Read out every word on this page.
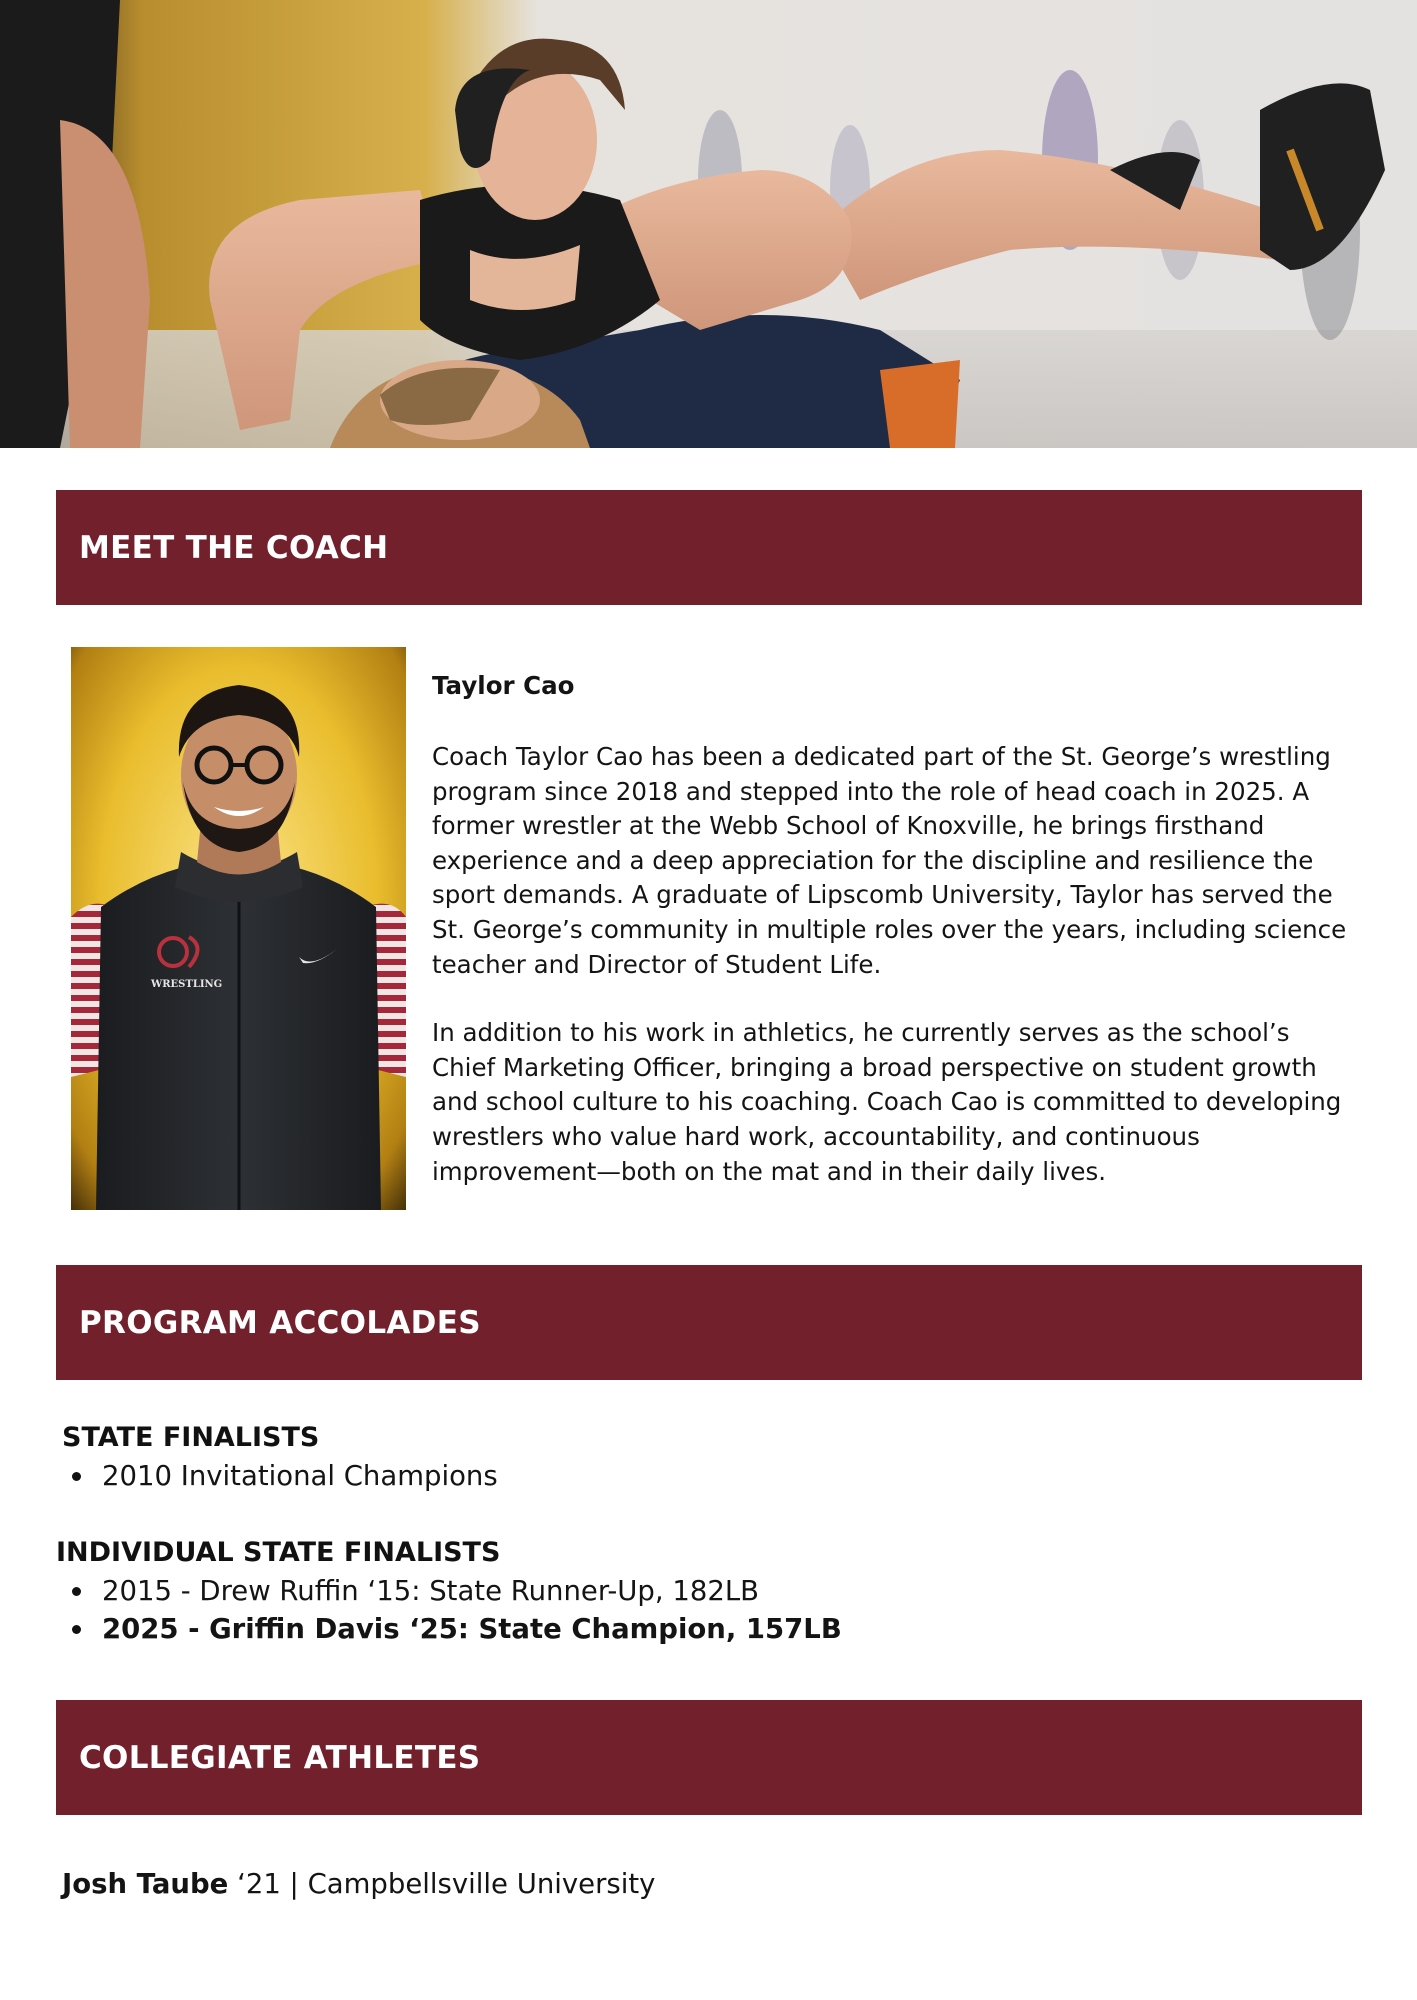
MEET THE COACH
WRESTLING
Taylor Cao

Coach Taylor Cao has been a dedicated part of the St. George’s wrestling program since 2018 and stepped into the role of head coach in 2025. A former wrestler at the Webb School of Knoxville, he brings firsthand experience and a deep appreciation for the discipline and resilience the sport demands. A graduate of Lipscomb University, Taylor has served the St. George’s community in multiple roles over the years, including science teacher and Director of Student Life.

In addition to his work in athletics, he currently serves as the school’s Chief Marketing Officer, bringing a broad perspective on student growth and school culture to his coaching. Coach Cao is committed to developing wrestlers who value hard work, accountability, and continuous improvement—both on the mat and in their daily lives.

PROGRAM ACCOLADES
STATE FINALISTS
2010 Invitational Champions
INDIVIDUAL STATE FINALISTS
2015 - Drew Ruffin ‘15: State Runner-Up, 182LB
2025 - Griffin Davis ‘25: State Champion, 157LB
COLLEGIATE ATHLETES
Josh Taube ‘21 | Campbellsville University
